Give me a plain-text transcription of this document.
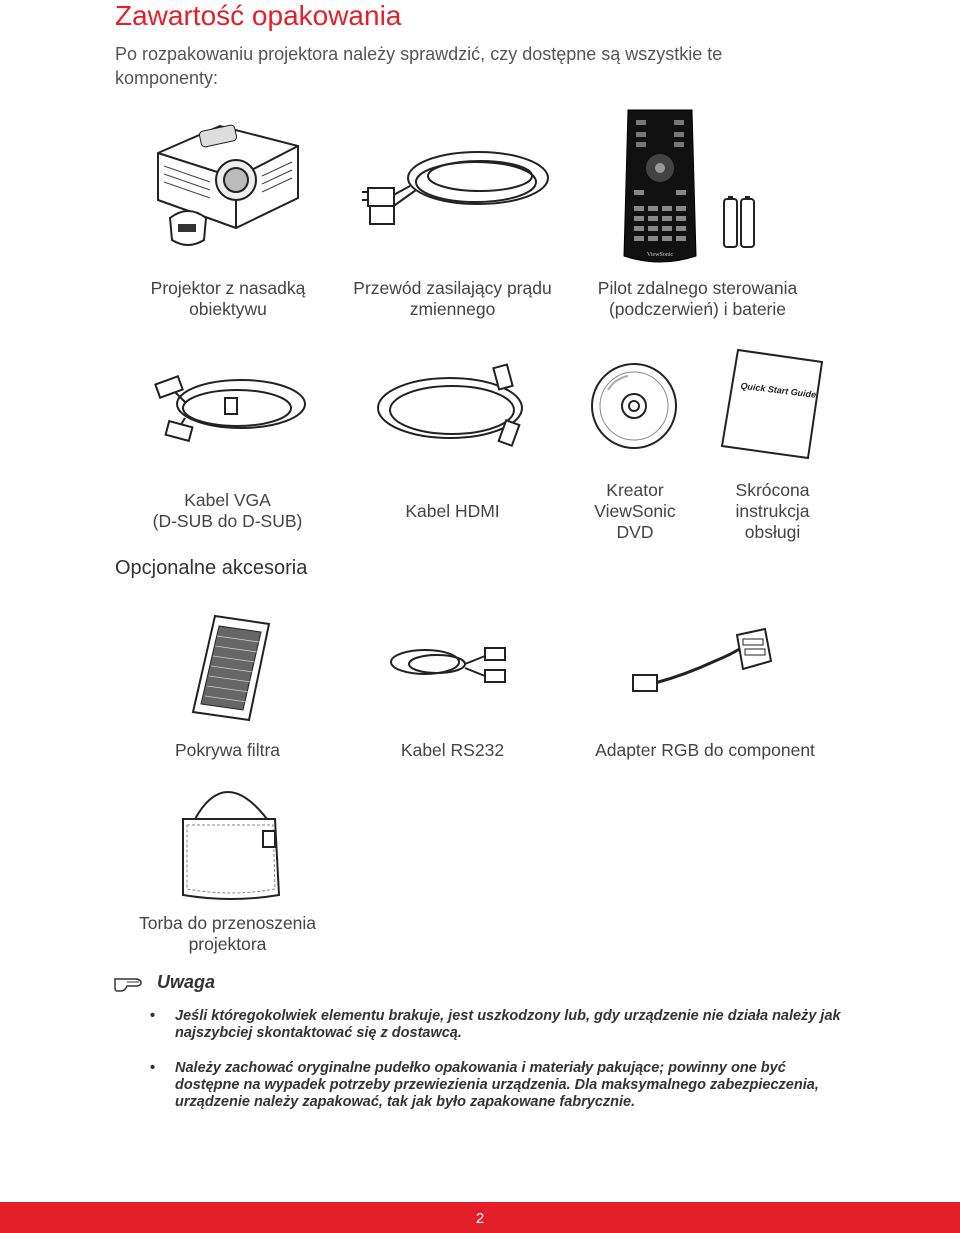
Zawartość opakowania
Po rozpakowaniu projektora należy sprawdzić, czy dostępne są wszystkie te komponenty:
Projektor z nasadką
obiektywu
Przewód zasilający prądu
zmiennego
ViewSonic
Pilot zdalnego sterowania
(podczerwień) i baterie
Kabel VGA
(D-SUB do D-SUB)	Kabel HDMI
Kreator
ViewSonic
DVD
Quick Start Guide
Skrócona
instrukcja
obsługi
Opcjonalne akcesoria
Pokrywa filtra	Kabel RS232	Adapter RGB do component
Torba do przenoszenia
projektora
Uwaga
• Jeśli któregokolwiek elementu brakuje, jest uszkodzony lub, gdy urządzenie nie działa należy jak najszybciej skontaktować się z dostawcą.
• Należy zachować oryginalne pudełko opakowania i materiały pakujące; powinny one być dostępne na wypadek potrzeby przewiezienia urządzenia. Dla maksymalnego zabezpieczenia, urządzenie należy zapakować, tak jak było zapakowane fabrycznie.
2
